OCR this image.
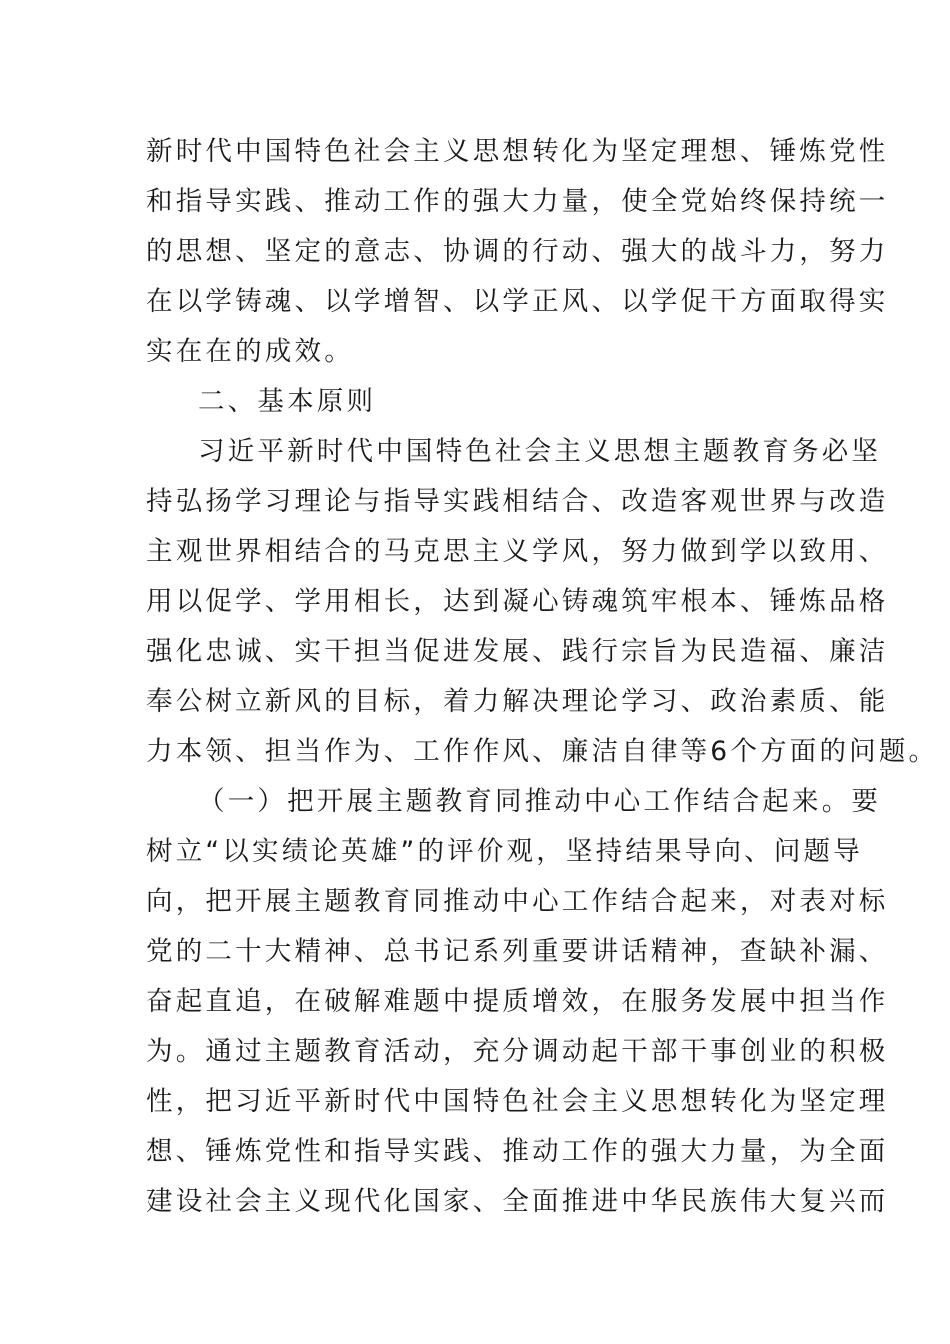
新时代中国特色社会主义思想转化为坚定理想、锤炼党性
和指导实践、推动工作的强大力量，使全党始终保持统一
的思想、坚定的意志、协调的行动、强大的战斗力，努力
在以学铸魂、以学增智、以学正风、以学促干方面取得实
实在在的成效。
二、基本原则
习近平新时代中国特色社会主义思想主题教育务必坚
持弘扬学习理论与指导实践相结合、改造客观世界与改造
主观世界相结合的马克思主义学风，努力做到学以致用、
用以促学、学用相长，达到凝心铸魂筑牢根本、锤炼品格
强化忠诚、实干担当促进发展、践行宗旨为民造福、廉洁
奉公树立新风的目标，着力解决理论学习、政治素质、能
力本领、担当作为、工作作风、廉洁自律等6个方面的问题。
（一）把开展主题教育同推动中心工作结合起来。要
树立“以实绩论英雄”的评价观，坚持结果导向、问题导
向，把开展主题教育同推动中心工作结合起来，对表对标
党的二十大精神、总书记系列重要讲话精神，查缺补漏、
奋起直追，在破解难题中提质增效，在服务发展中担当作
为。通过主题教育活动，充分调动起干部干事创业的积极
性，把习近平新时代中国特色社会主义思想转化为坚定理
想、锤炼党性和指导实践、推动工作的强大力量，为全面
建设社会主义现代化国家、全面推进中华民族伟大复兴而
